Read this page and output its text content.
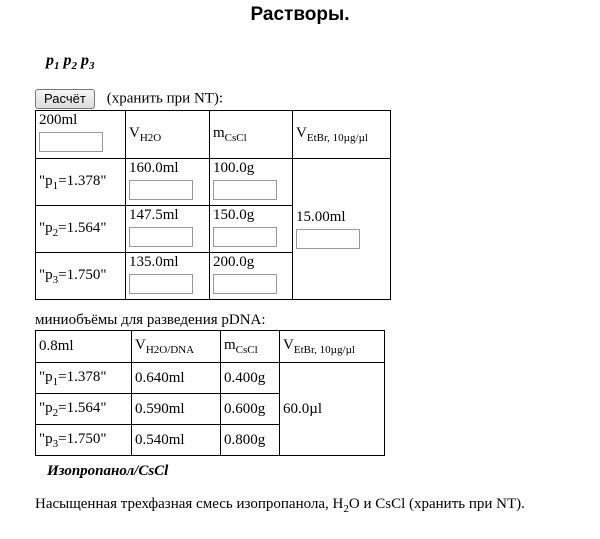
Растворы.
$p_1$ $p_2$ $p_3$
Расчёт (хранить при NT):
200ml	$V_{H2O}$	$m_{CsCl}$	$V_{EtBr, 10\mu g/\mu l}$
"$p_1=1.378$"	160.0ml	100.0g	15.00ml

"$p_2=1.564$"	147.5ml	150.0g	

"$p_3=1.750$"	135.0ml	200.0g	
миниобъёмы для разведения pDNA:
0.8ml	$V_{H2O/DNA}$	$m_{CsCl}$	$V_{EtBr, 10\mu g/\mu l}$
"$p_1=1.378$"	0.640ml	0.400g	60.0µl
"$p_2=1.564$"	0.590ml	0.600g	
"$p_3=1.750$"	0.540ml	0.800g	
Изопропанол/CsCl
Насыщенная трехфазная смесь изопропанола, $H_2O$ и CsCl (хранить при NT).
